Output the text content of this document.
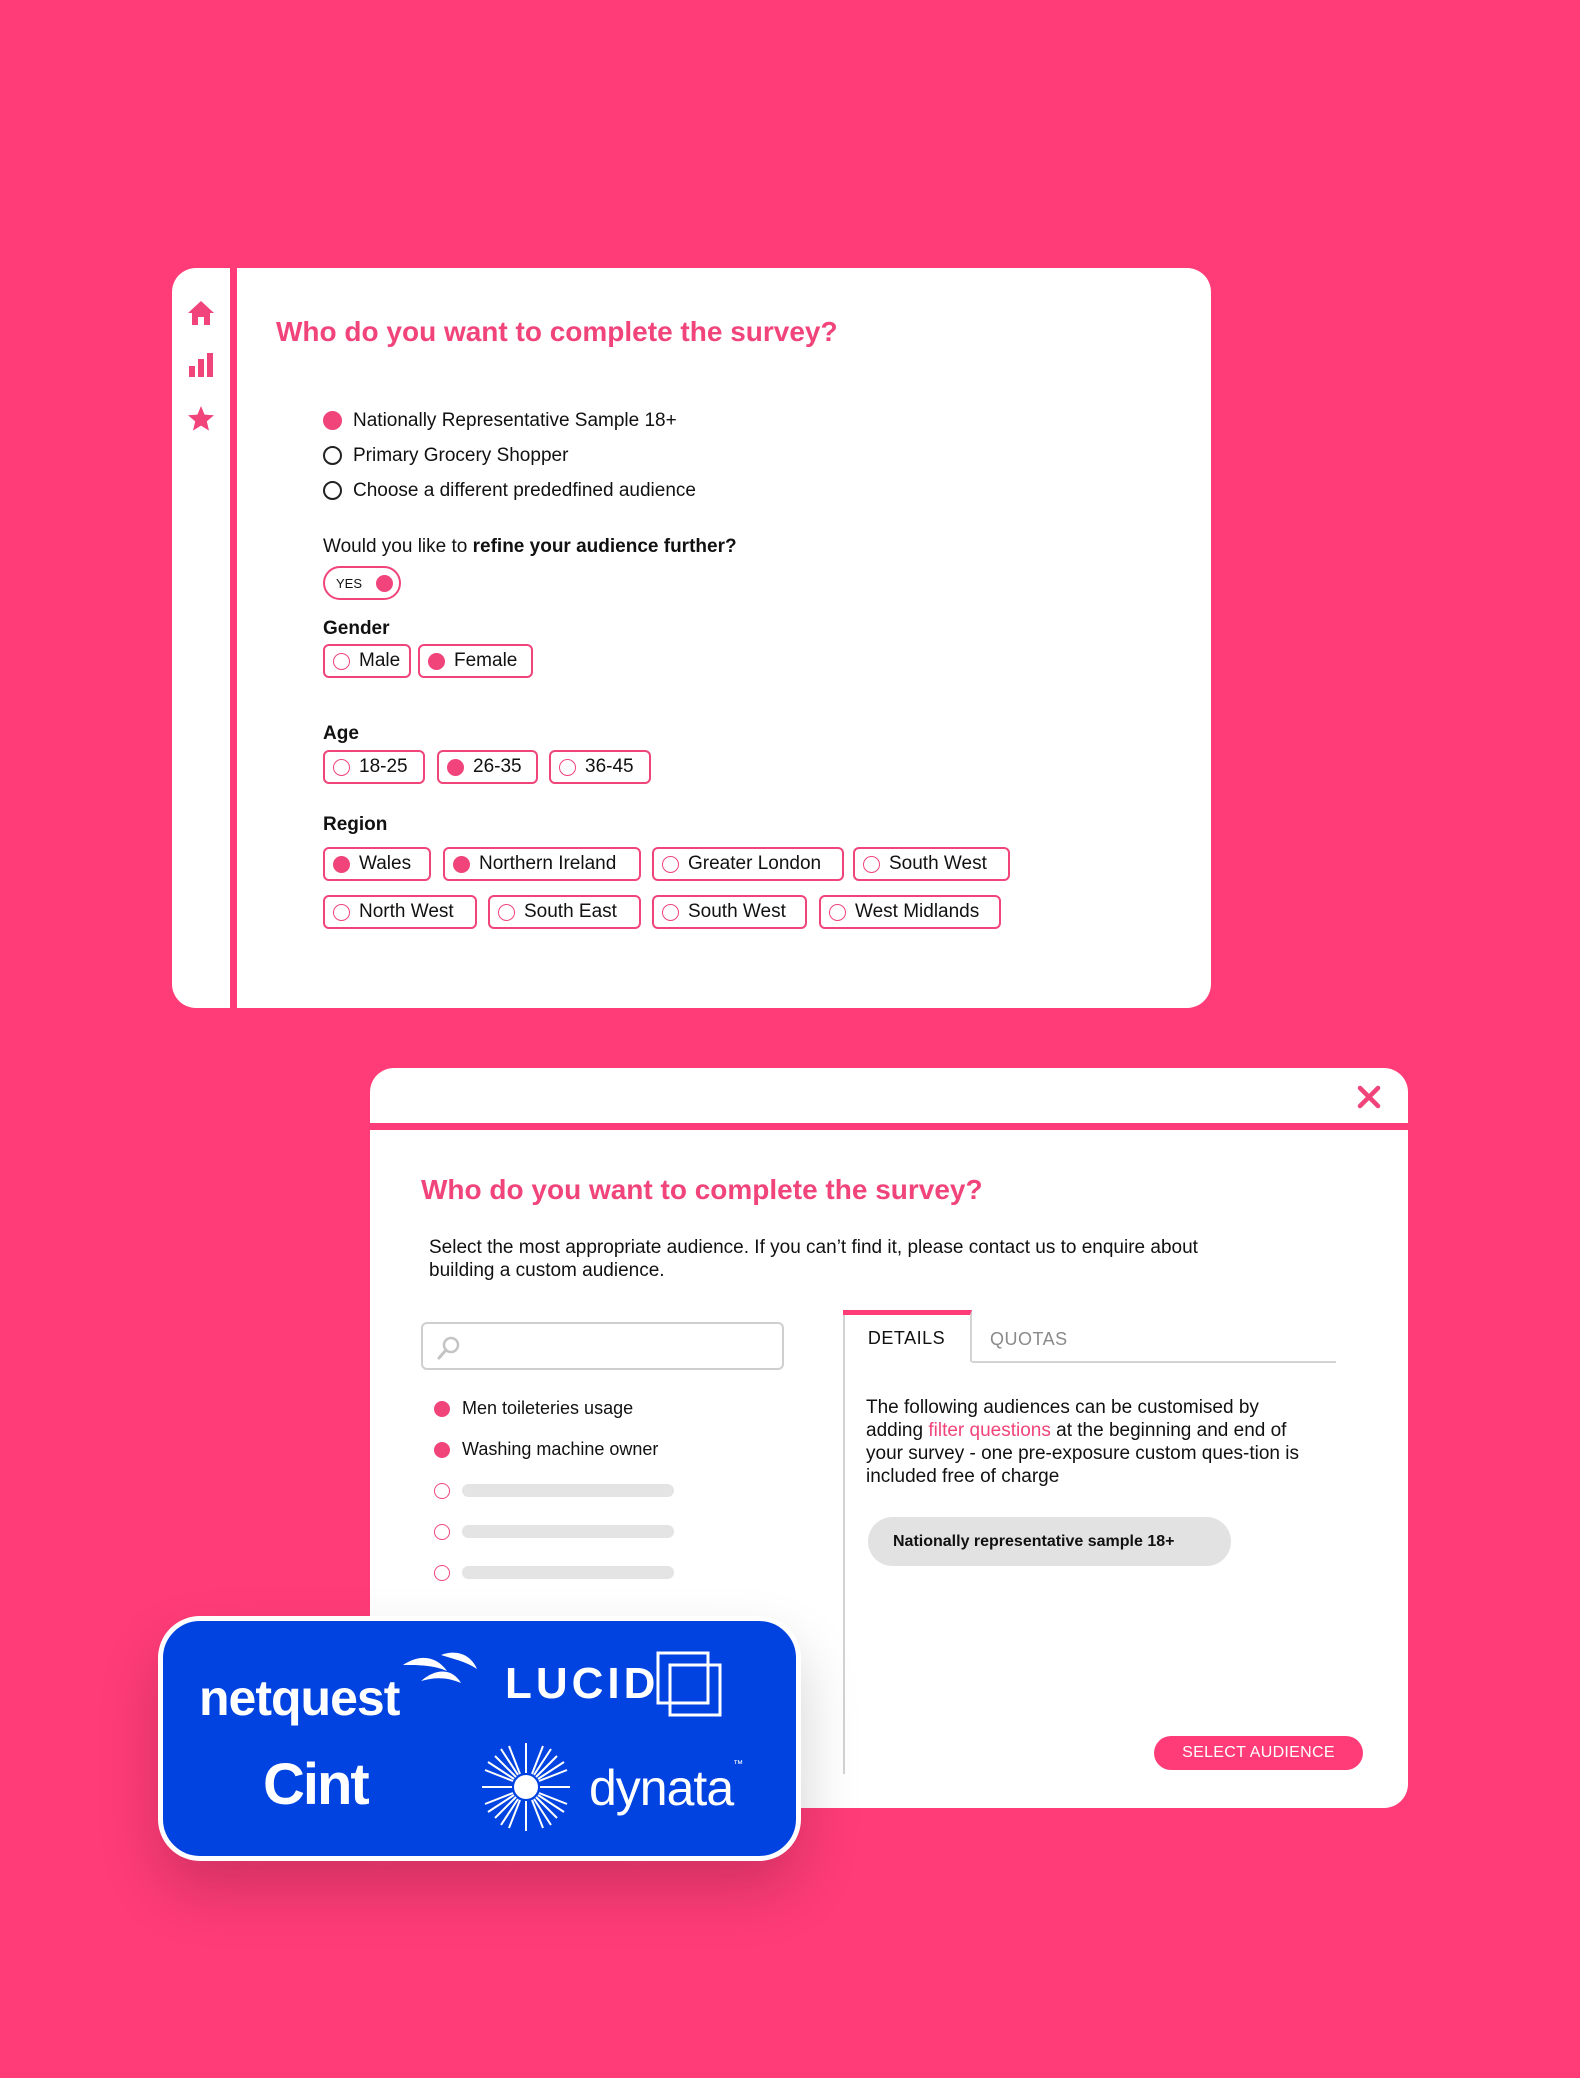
Who do you want to complete the survey?
Nationally Representative Sample 18+
Primary Grocery Shopper
Choose a different prededfined audience
Would you like to refine your audience further?
YES
Gender
Male	Female
Age
18-25	26-35	36-45
Region
Wales	Northern Ireland	Greater London	South West
North West	South East	South West	West Midlands
Who do you want to complete the survey?

Select the most appropriate audience. If you can’t find it, please contact us to enquire about building a custom audience.

Men toileteries usage
Washing machine owner
DETAILS	QUOTAS

The following audiences can be customised by adding filter questions at the beginning and end of your survey - one pre-exposure custom ques-tion is included free of charge

Nationally representative sample 18+
SELECT AUDIENCE
netquest LUCID
Cint	dynata™
